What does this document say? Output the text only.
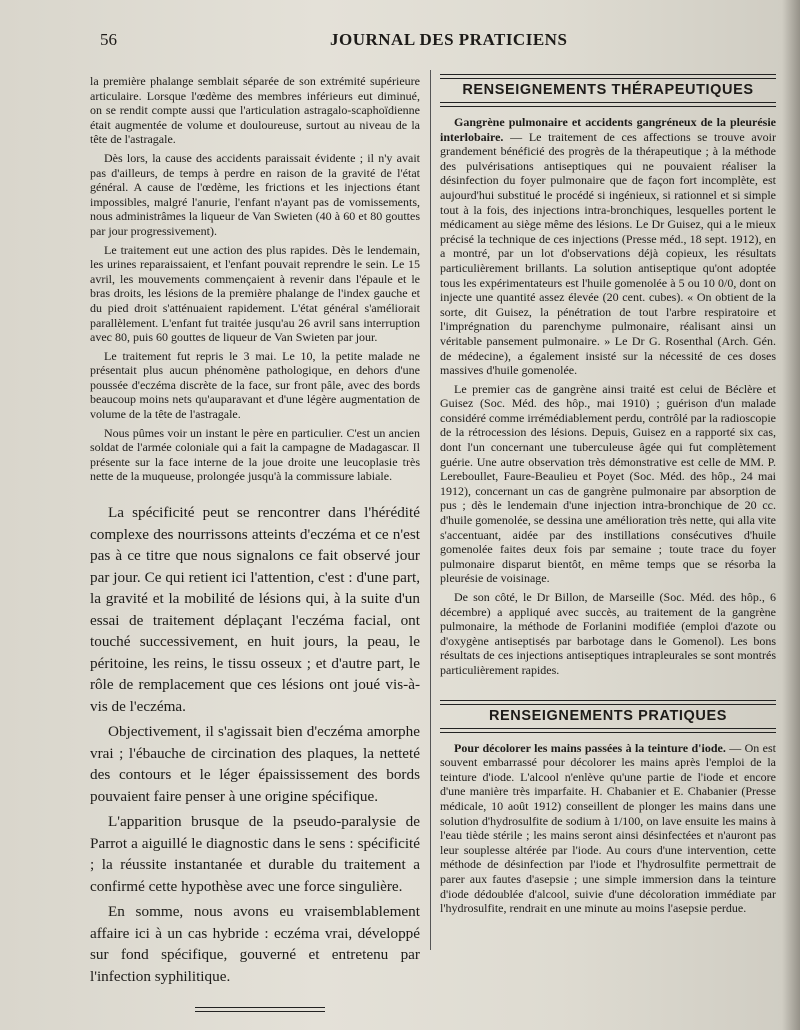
56	JOURNAL DES PRATICIENS

la première phalange semblait séparée de son extrémité supérieure articulaire. Lorsque l'œdème des membres inférieurs eut diminué, on se rendit compte aussi que l'articulation astragalo-scaphoïdienne était augmentée de volume et douloureuse, surtout au niveau de la tête de l'astragale.

Dès lors, la cause des accidents paraissait évidente ; il n'y avait pas d'ailleurs, de temps à perdre en raison de la gravité de l'état général. A cause de l'œdème, les frictions et les injections étant impossibles, malgré l'anurie, l'enfant n'ayant pas de vomissements, nous administrâmes la liqueur de Van Swieten (40 à 60 et 80 gouttes par jour progressivement).

Le traitement eut une action des plus rapides. Dès le lendemain, les urines reparaissaient, et l'enfant pouvait reprendre le sein. Le 15 avril, les mouvements commençaient à revenir dans l'épaule et le bras droits, les lésions de la première phalange de l'index gauche et du pied droit s'atténuaient rapidement. L'état général s'améliorait parallèlement. L'enfant fut traitée jusqu'au 26 avril sans interruption avec 80, puis 60 gouttes de liqueur de Van Swieten par jour.

Le traitement fut repris le 3 mai. Le 10, la petite malade ne présentait plus aucun phénomène pathologique, en dehors d'une poussée d'eczéma discrète de la face, sur front pâle, avec des bords beaucoup moins nets qu'auparavant et d'une légère augmentation de volume de la tête de l'astragale.

Nous pûmes voir un instant le père en particulier. C'est un ancien soldat de l'armée coloniale qui a fait la campagne de Madagascar. Il présente sur la face interne de la joue droite une leucoplasie très nette de la muqueuse, prolongée jusqu'à la commissure labiale.

La spécificité peut se rencontrer dans l'hérédité complexe des nourrissons atteints d'eczéma et ce n'est pas à ce titre que nous signalons ce fait observé jour par jour. Ce qui retient ici l'attention, c'est : d'une part, la gravité et la mobilité de lésions qui, à la suite d'un essai de traitement déplaçant l'eczéma facial, ont touché successivement, en huit jours, la peau, le péritoine, les reins, le tissu osseux ; et d'autre part, le rôle de remplacement que ces lésions ont joué vis-à-vis de l'eczéma.

Objectivement, il s'agissait bien d'eczéma amorphe vrai ; l'ébauche de circination des plaques, la netteté des contours et le léger épaississement des bords pouvaient faire penser à une origine spécifique.

L'apparition brusque de la pseudo-paralysie de Parrot a aiguillé le diagnostic dans le sens : spécificité ; la réussite instantanée et durable du traitement a confirmé cette hypothèse avec une force singulière.

En somme, nous avons eu vraisemblablement affaire ici à un cas hybride : eczéma vrai, développé sur fond spécifique, gouverné et entretenu par l'infection syphilitique.

RENSEIGNEMENTS THÉRAPEUTIQUES

Gangrène pulmonaire et accidents gangréneux de la pleurésie interlobaire. — Le traitement de ces affections se trouve avoir grandement bénéficié des progrès de la thérapeutique ; à la méthode des pulvérisations antiseptiques qui ne pouvaient réaliser la désinfection du foyer pulmonaire que de façon fort incomplète, est aujourd'hui substitué le procédé si ingénieux, si rationnel et si simple tout à la fois, des injections intra-bronchiques, lesquelles portent le médicament au siège même des lésions. Le Dr Guisez, qui a le mieux précisé la technique de ces injections (Presse méd., 18 sept. 1912), en a montré, par un lot d'observations déjà copieux, les résultats particulièrement brillants. La solution antiseptique qu'ont adoptée tous les expérimentateurs est l'huile gomenolée à 5 ou 10 0/0, dont on injecte une quantité assez élevée (20 cent. cubes). « On obtient de la sorte, dit Guisez, la pénétration de tout l'arbre respiratoire et l'imprégnation du parenchyme pulmonaire, réalisant ainsi un véritable pansement pulmonaire. » Le Dr G. Rosenthal (Arch. Gén. de médecine), a également insisté sur la nécessité de ces doses massives d'huile gomenolée.

Le premier cas de gangrène ainsi traité est celui de Béclère et Guisez (Soc. Méd. des hôp., mai 1910) ; guérison d'un malade considéré comme irrémédiablement perdu, contrôlé par la radioscopie de la rétrocession des lésions. Depuis, Guisez en a rapporté six cas, dont l'un concernant une tuberculeuse âgée qui fut complètement guérie. Une autre observation très démonstrative est celle de MM. P. Lereboullet, Faure-Beaulieu et Poyet (Soc. Méd. des hôp., 24 mai 1912), concernant un cas de gangrène pulmonaire par absorption de pus ; dès le lendemain d'une injection intra-bronchique de 20 cc. d'huile gomenolée, se dessina une amélioration très nette, qui alla vite s'accentuant, aidée par des instillations consécutives d'huile gomenolée faites deux fois par semaine ; toute trace du foyer pulmonaire disparut bientôt, en même temps que se résorba la pleurésie de voisinage.

De son côté, le Dr Billon, de Marseille (Soc. Méd. des hôp., 6 décembre) a appliqué avec succès, au traitement de la gangrène pulmonaire, la méthode de Forlanini modifiée (emploi d'azote ou d'oxygène antiseptisés par barbotage dans le Gomenol). Les bons résultats de ces injections antiseptiques intrapleurales se sont montrés particulièrement rapides.

RENSEIGNEMENTS PRATIQUES

Pour décolorer les mains passées à la teinture d'iode. — On est souvent embarrassé pour décolorer les mains après l'emploi de la teinture d'iode. L'alcool n'enlève qu'une partie de l'iode et encore d'une manière très imparfaite. H. Chabanier et E. Chabanier (Presse médicale, 10 août 1912) conseillent de plonger les mains dans une solution d'hydrosulfite de sodium à 1/100, on lave ensuite les mains à l'eau tiède stérile ; les mains seront ainsi désinfectées et n'auront pas leur souplesse altérée par l'iode. Au cours d'une intervention, cette méthode de désinfection par l'iode et l'hydrosulfite permettrait de parer aux fautes d'asepsie ; une simple immersion dans la teinture d'iode dédoublée d'alcool, suivie d'une décoloration immédiate par l'hydrosulfite, rendrait en une minute au moins l'asepsie perdue.
